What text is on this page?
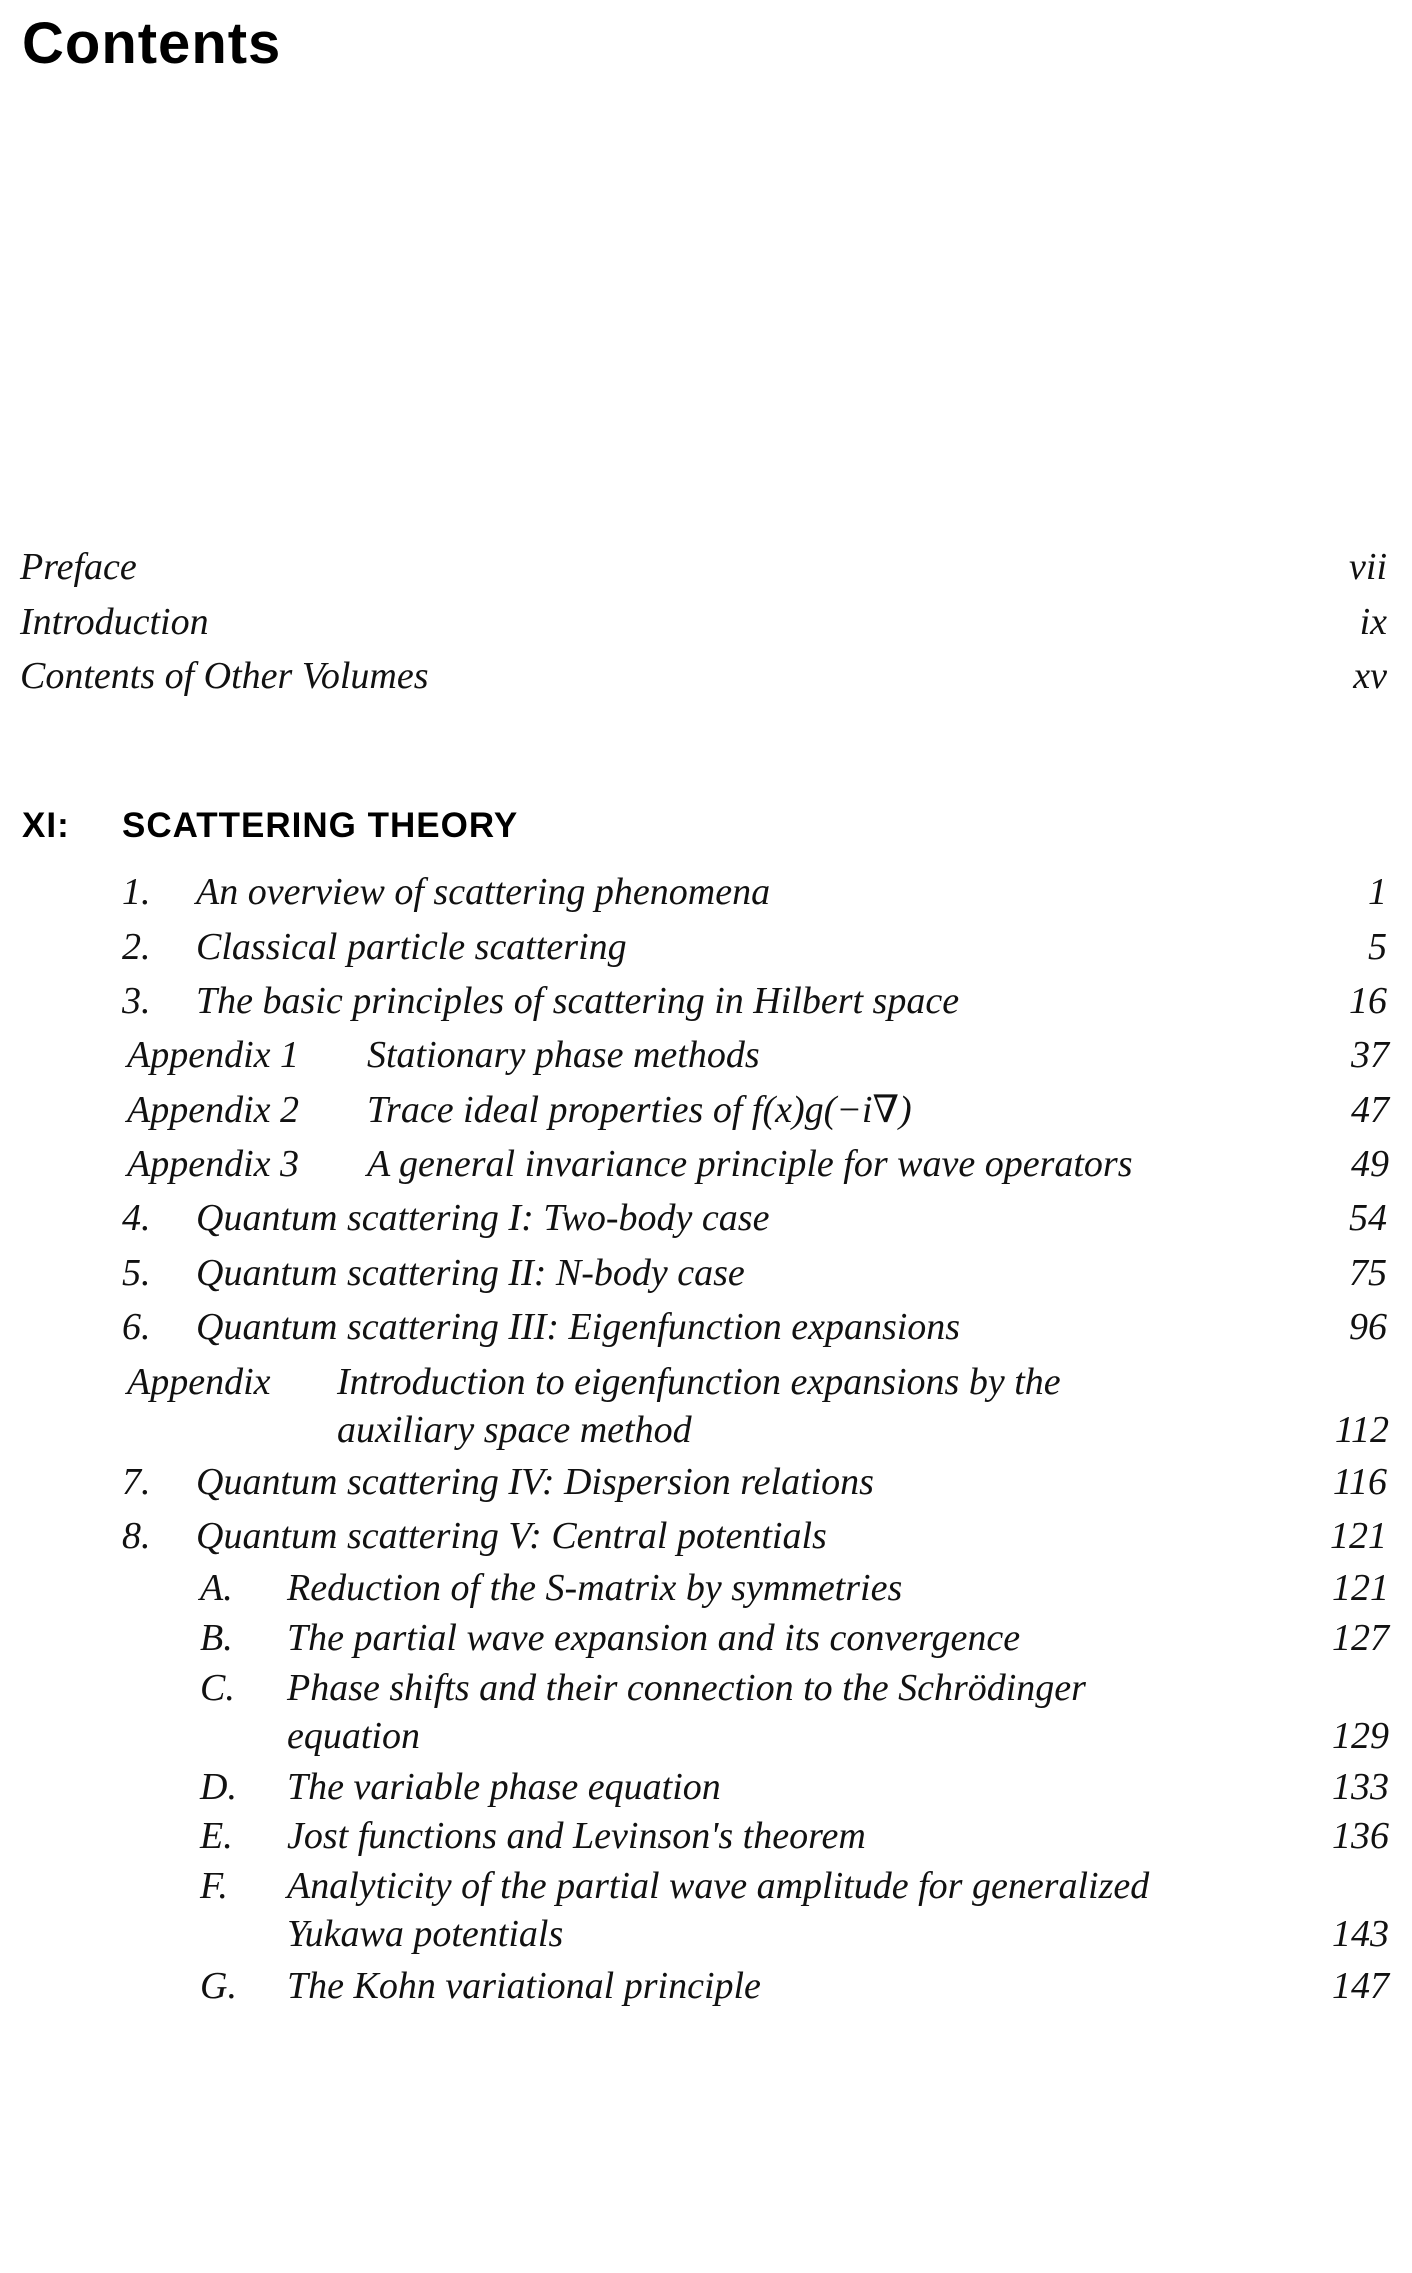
Contents
Preface	vii
Introduction	ix
Contents of Other Volumes	xv
XI: SCATTERING THEORY
1. An overview of scattering phenomena	1
2. Classical particle scattering	5
3. The basic principles of scattering in Hilbert space	16
Appendix 1 Stationary phase methods	37
Appendix 2 Trace ideal properties of f(x)g(−i∇)	47
Appendix 3 A general invariance principle for wave operators	49
4. Quantum scattering I: Two-body case	54
5. Quantum scattering II: N-body case	75
6. Quantum scattering III: Eigenfunction expansions	96
Appendix Introduction to eigenfunction expansions by the
auxiliary space method	112
7. Quantum scattering IV: Dispersion relations	116
8. Quantum scattering V: Central potentials	121
A. Reduction of the S-matrix by symmetries	121
B. The partial wave expansion and its convergence	127
C. Phase shifts and their connection to the Schrödinger
equation	129
D. The variable phase equation	133
E. Jost functions and Levinson's theorem	136
F. Analyticity of the partial wave amplitude for generalized
Yukawa potentials	143
G. The Kohn variational principle	147
